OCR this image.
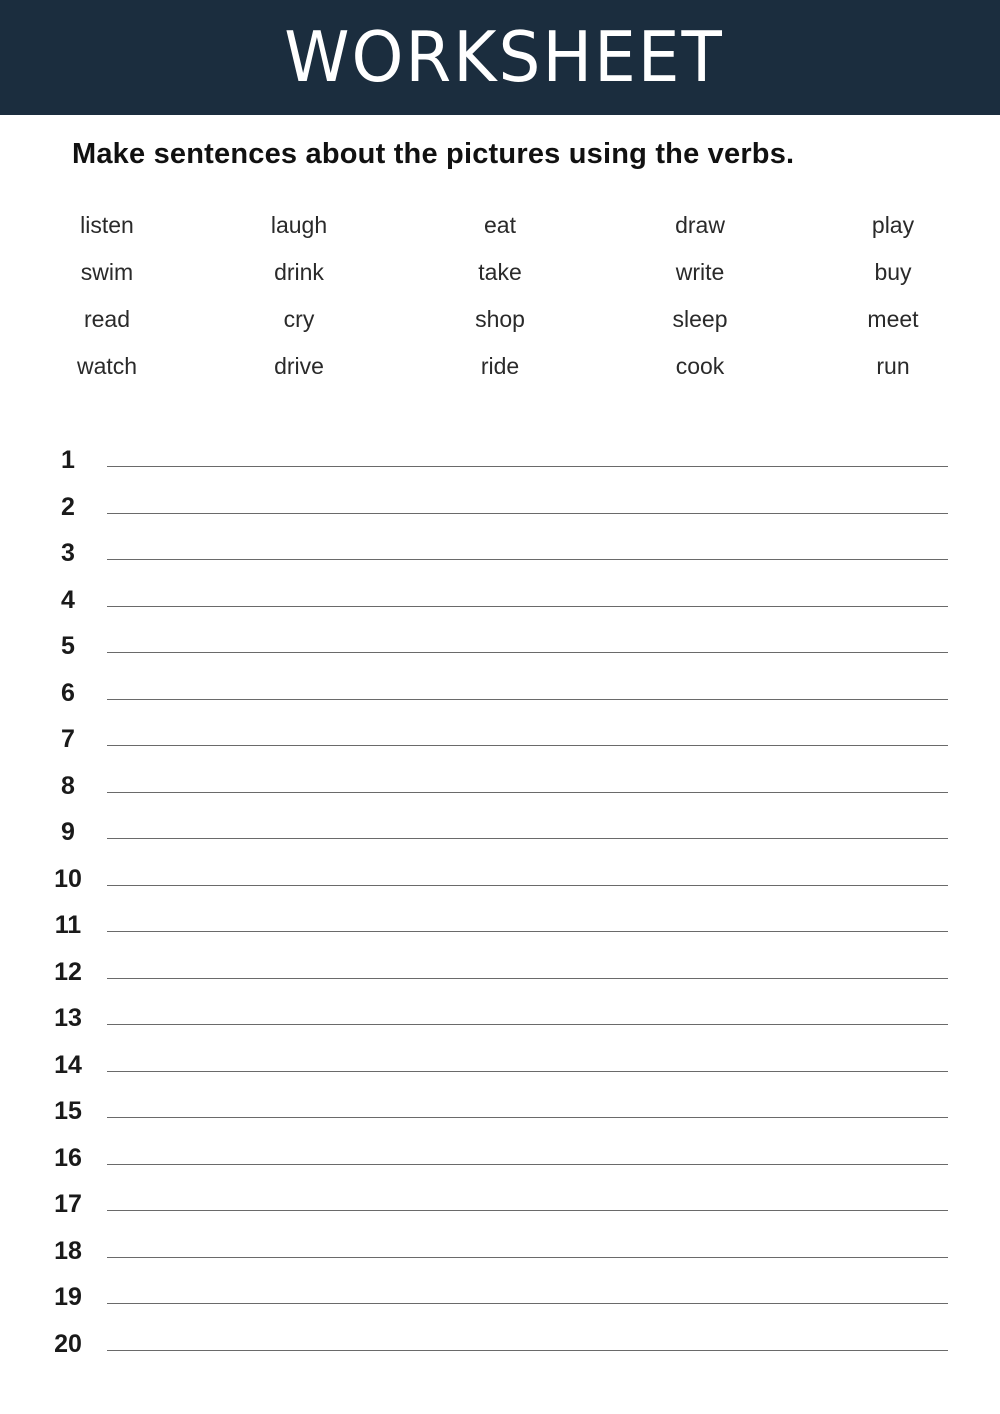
WORKSHEET
Make sentences about the pictures using the verbs.
listen	laugh	eat	draw	play
swim	drink	take	write	buy
read	cry	shop	sleep	meet
watch	drive	ride	cook	run
1
2
3
4
5
6
7
8
9
10
11
12
13
14
15
16
17
18
19
20
